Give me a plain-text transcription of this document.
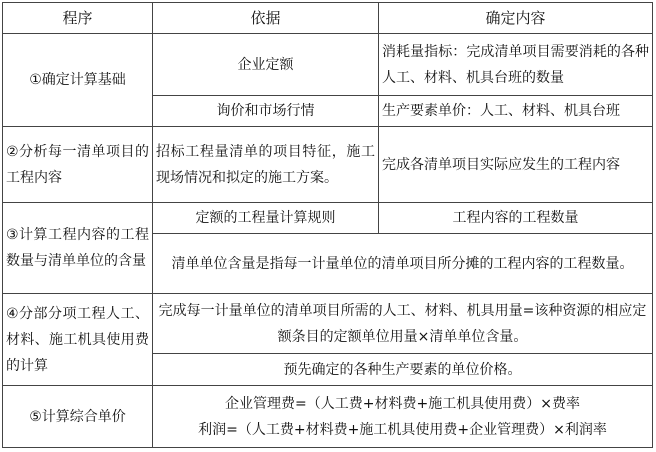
程序	依据	确定内容
①确定计算基础	企业定额	消耗量指标：完成清单项目需要消耗的各种人工、材料、机具台班的数量
	询价和市场行情	生产要素单价：人工、材料、机具台班
②分析每一清单项目的工程内容	招标工程量清单的项目特征，施工现场情况和拟定的施工方案。	完成各清单项目实际应发生的工程内容
③计算工程内容的工程数量与清单单位的含量	定额的工程量计算规则	工程内容的工程数量
	清单单位含量是指每一计量单位的清单项目所分摊的工程内容的工程数量。	
④分部分项工程人工、材料、施工机具使用费的计算	完成每一计量单位的清单项目所需的人工、材料、机具用量=该种资源的相应定额条目的定额单位用量×清单单位含量。	
	预先确定的各种生产要素的单位价格。	
⑤计算综合单价	企业管理费=（人工费+材料费+施工机具使用费）×费率
利润=（人工费+材料费+施工机具使用费+企业管理费）×利润率	
